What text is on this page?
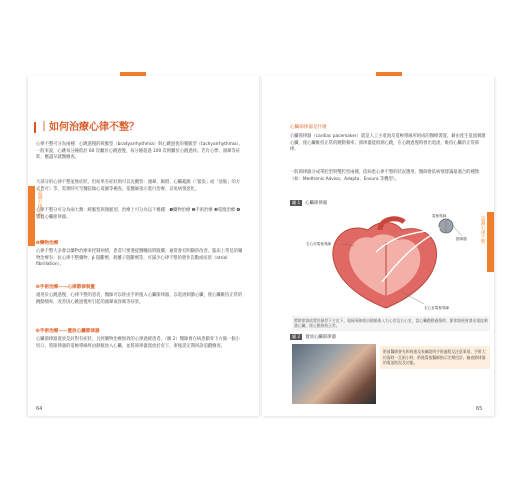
認識心律不整
認識心律不整
｜如何治療心律不整？

心律不整可分為兩種：心跳過慢的緩脈型（bradyarrhythmia）與心跳過快的頻脈型（tachyarrhythmia）。一般來說，心跳每分鐘低於 60 次屬於心跳過慢，每分鐘超過 100 次則屬於心跳過快。若有心悸、頭暈等症狀，應盡早就醫檢查。

大部分的心律不整並無症狀，但如果有症狀則可以先觀察：頭暈、胸悶、心臟亂跳（「緊張」或「放鬆」的方式皆可）等，需要時可至醫院做心電圖等檢查，依醫師指示進行治療，以免病情惡化。

心律不整分可分為兩大類：緩脈型與頻脈型。治療上可分為以下幾種：❶藥物治療 ❷手術治療 ❸電燒治療 ❹裝置心臟節律器。

❶藥物治療

心律不整大多會以藥物治療來控制病情，患者只要遵從醫囑按時服藥，通常會有明顯的改善。臨床上常見的藥物治療有：抗心律不整藥物、β 阻斷劑、鈣離子阻斷劑等，可減少心律不整的發作次數或症狀（atrial fibrillation）。

❷手術治療——心律節律裝置

適用於心跳過慢、心律不整的患者，醫師可以經由手術植入心臟節律器，以電流刺激心臟，使心臟維持正常的跳動頻率，改善因心跳過慢所引起的頭暈或昏厥等症狀。

❸手術治療——置放心臟節律器

心臟節律器置放是針對有症狀、且經藥物治療無效的心律過緩患者。（圖 2）醫師會在病患鎖骨下方做一個小切口，將節律器的電極導線經由靜脈放入心臟，並將節律器置放於皮下，術後需定期回診追蹤檢查。

64
心臟節律器是什麼

心臟節律器（cardiac pacemaker）就是人工小電池及電極導線所組成的醫療裝置，藉由產生電流刺激心臟，使心臟維持正常的跳動頻率。節律器能偵測心跳，在心跳過慢時發出電流，維持心臟的正常節律。

一般節律器分成單腔型與雙腔型兩種，依病患心律不整的狀況選用，醫師會依病情建議最適合的種類（如：Medtronic Advisa、Adapta、Ensura 等機型）。

圖 1 心臟節律器
電極導線
右心房電極導線
節律器
右心室電極導線
將節律器放置於鎖骨下方皮下，電極導線經由靜脈進入右心房及右心室，當心臟跳動過慢時，節律器便會發出電流刺激心臟，使心跳維持正常。
圖 2 置放心臟節律器
術前醫師會先和病患及家屬說明手術過程及注意事項，手術大約需時一至兩小時，術後需依醫師指示定期回診，檢查節律器的電池狀況及功能。
65
